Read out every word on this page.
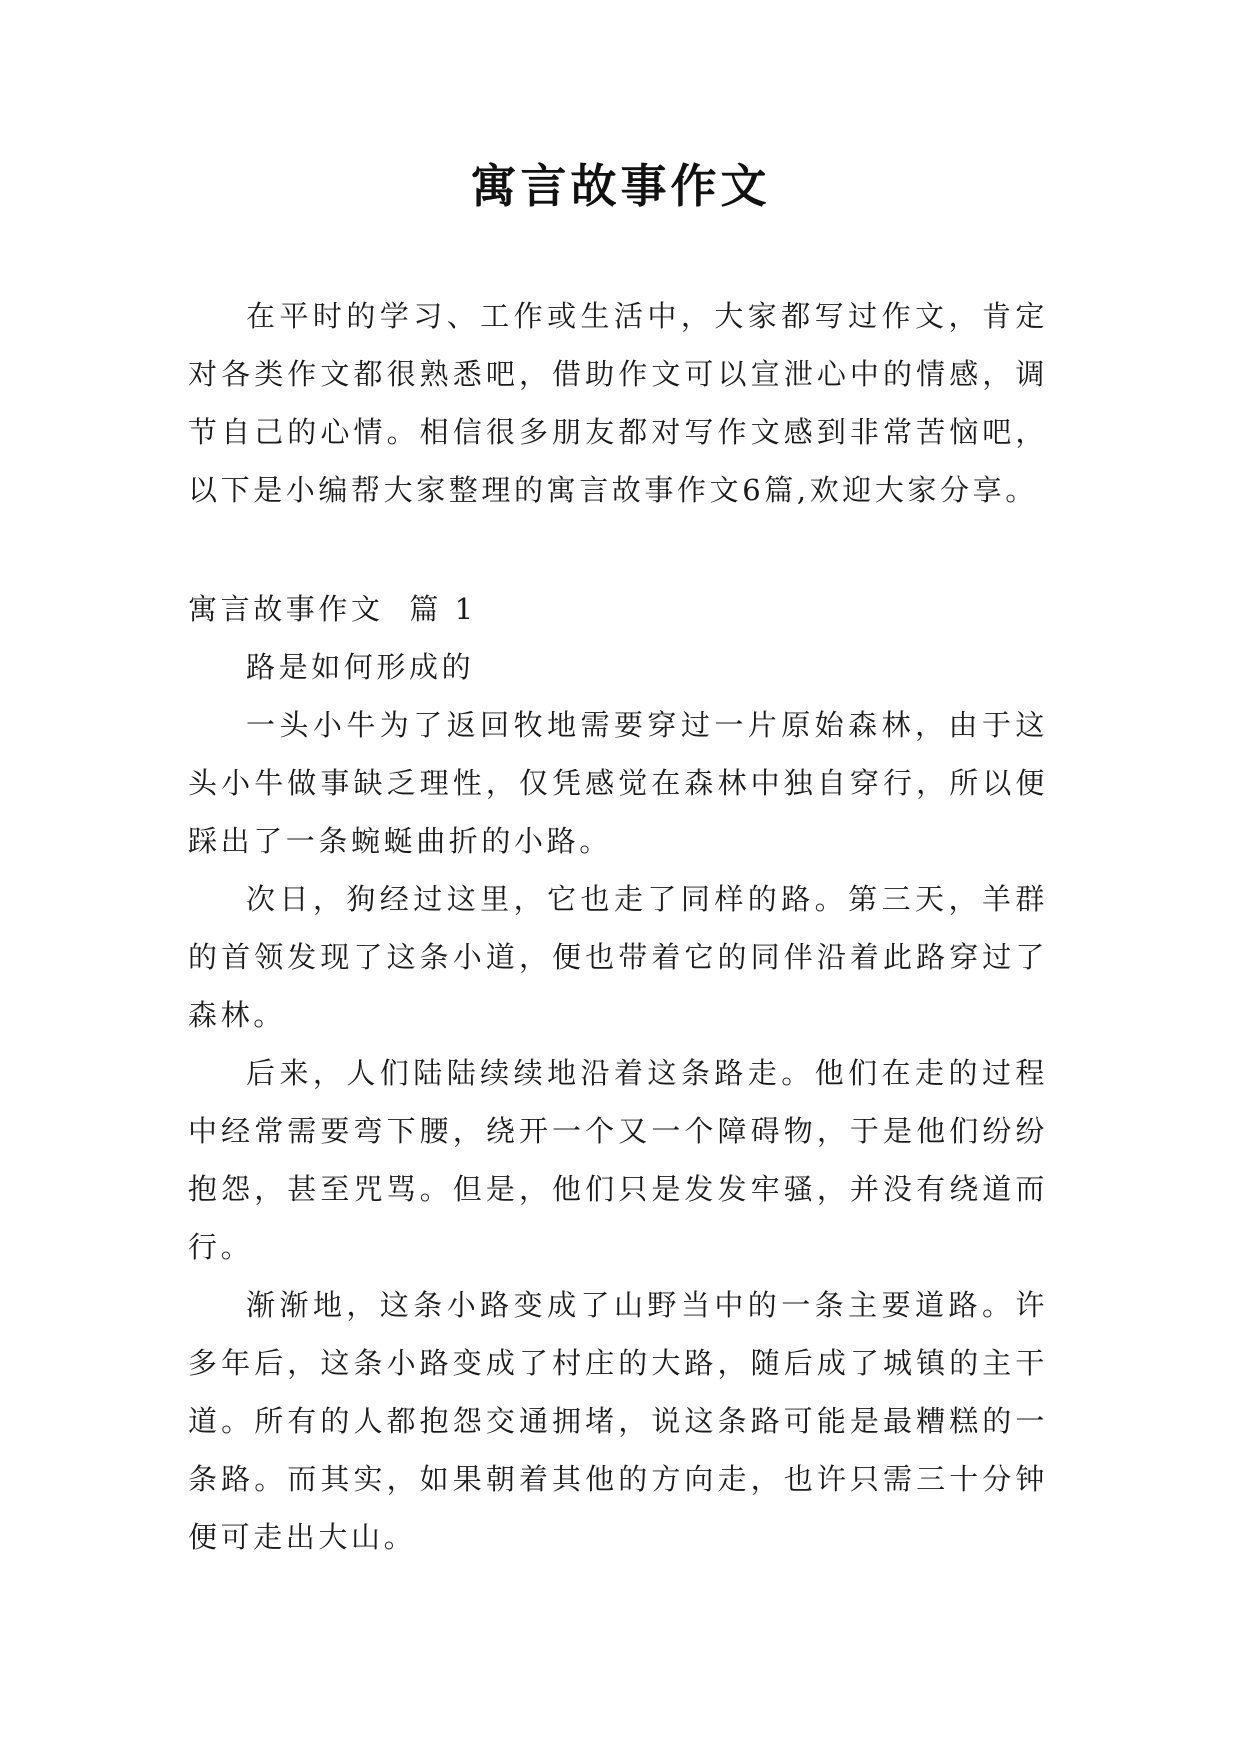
寓言故事作文

在平时的学习、工作或生活中，大家都写过作文，肯定对各类作文都很熟悉吧，借助作文可以宣泄心中的情感，调节自己的心情。相信很多朋友都对写作文感到非常苦恼吧，以下是小编帮大家整理的寓言故事作文6篇,欢迎大家分享。

寓言故事作文  篇 1

路是如何形成的

一头小牛为了返回牧地需要穿过一片原始森林，由于这头小牛做事缺乏理性，仅凭感觉在森林中独自穿行，所以便踩出了一条蜿蜒曲折的小路。

次日，狗经过这里，它也走了同样的路。第三天，羊群的首领发现了这条小道，便也带着它的同伴沿着此路穿过了森林。

后来，人们陆陆续续地沿着这条路走。他们在走的过程中经常需要弯下腰，绕开一个又一个障碍物，于是他们纷纷抱怨，甚至咒骂。但是，他们只是发发牢骚，并没有绕道而行。

渐渐地，这条小路变成了山野当中的一条主要道路。许多年后，这条小路变成了村庄的大路，随后成了城镇的主干道。所有的人都抱怨交通拥堵，说这条路可能是最糟糕的一条路。而其实，如果朝着其他的方向走，也许只需三十分钟便可走出大山。
